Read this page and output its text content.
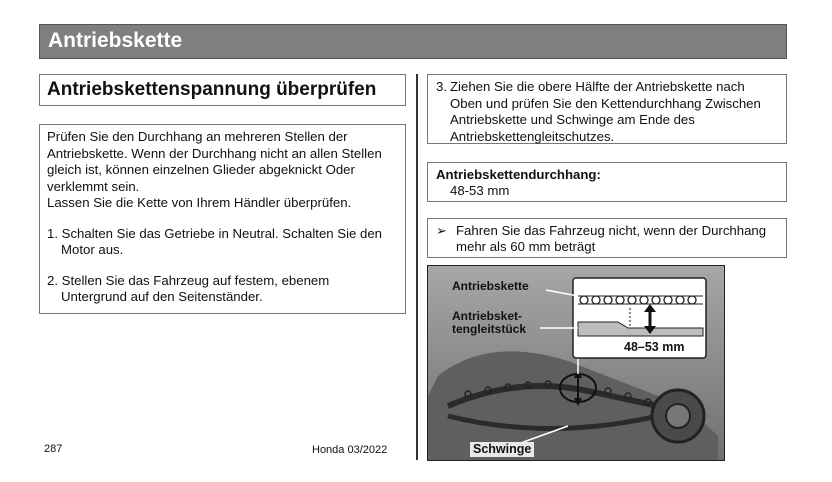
Antriebskette
Antriebskettenspannung überprüfen

Prüfen Sie den Durchhang an mehreren Stellen der Antriebskette. Wenn der Durchhang nicht an allen Stellen gleich ist, können einzelnen Glieder abgeknickt Oder verklemmt sein.

Lassen Sie die Kette von Ihrem Händler überprüfen.

1. Schalten Sie das Getriebe in Neutral. Schalten Sie den Motor aus.
2. Stellen Sie das Fahrzeug auf festem, ebenem Untergrund auf den Seitenständer.
3. Ziehen Sie die obere Hälfte der Antriebskette nach Oben und prüfen Sie den Kettendurchhang Zwischen Antriebskette und Schwinge am Ende des Antriebskettengleitschutzes.
Antriebskettendurchhang:
48-53 mm
➢ Fahren Sie das Fahrzeug nicht, wenn der Durchhang mehr als 60 mm beträgt
Antriebskette
Antriebsket-
tengleitstück
48–53 mm
Schwinge
287	Honda 03/2022
